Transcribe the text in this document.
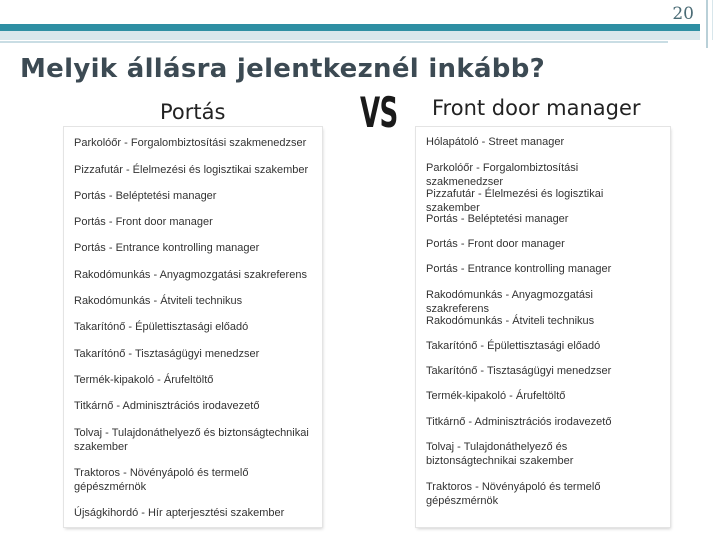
20
Melyik állásra jelentkeznél inkább?
Portás	VS Front door manager
Parkolóőr - Forgalombiztosítási szakmenedzser
Pizzafutár - Élelmezési és logisztikai szakember
Portás - Beléptetési manager
Portás - Front door manager
Portás - Entrance kontrolling manager
Rakodómunkás - Anyagmozgatási szakreferens
Rakodómunkás - Átviteli technikus
Takarítónő - Épülettisztasági előadó
Takarítónő - Tisztaságügyi menedzser
Termék-kipakoló - Árufeltöltő
Titkárnő - Adminisztrációs irodavezető
Tolvaj - Tulajdonáthelyező és biztonságtechnikai szakember
Traktoros - Növényápoló és termelő gépészmérnök
Újságkihordó - Hír apterjesztési szakember
Hólapátoló - Street manager
Parkolóőr - Forgalombiztosítási szakmenedzser
Pizzafutár - Élelmezési és logisztikai szakember
Portás - Beléptetési manager
Portás - Front door manager
Portás - Entrance kontrolling manager
Rakodómunkás - Anyagmozgatási szakreferens
Rakodómunkás - Átviteli technikus
Takarítónő - Épülettisztasági előadó
Takarítónő - Tisztaságügyi menedzser
Termék-kipakoló - Árufeltöltő
Titkárnő - Adminisztrációs irodavezető
Tolvaj - Tulajdonáthelyező és biztonságtechnikai szakember
Traktoros - Növényápoló és termelő gépészmérnök
